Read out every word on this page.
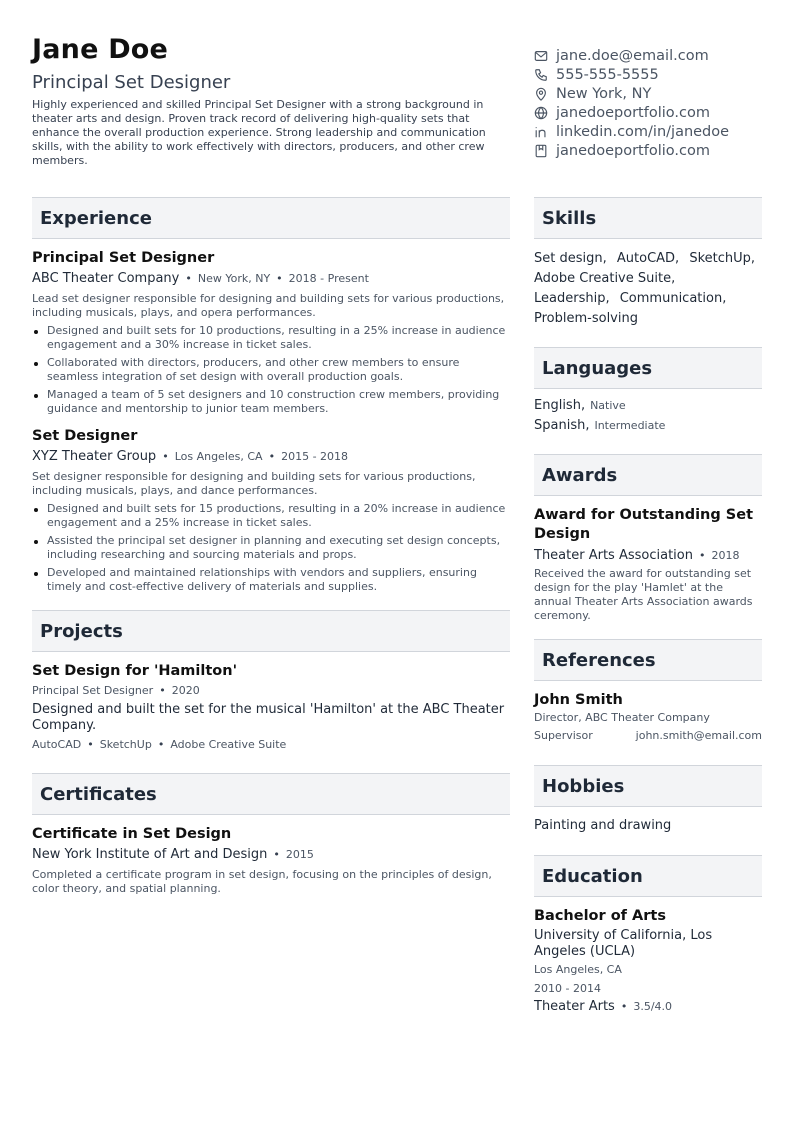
Jane Doe
Principal Set Designer
Highly experienced and skilled Principal Set Designer with a strong background in theater arts and design. Proven track record of delivering high-quality sets that enhance the overall production experience. Strong leadership and communication skills, with the ability to work effectively with directors, producers, and other crew members.
jane.doe@email.com
555-555-5555
New York, NY
janedoeportfolio.com
linkedin.com/in/janedoe
janedoeportfolio.com
Experience
Principal Set Designer
ABC Theater Company • New York, NY • 2018 - Present
Lead set designer responsible for designing and building sets for various productions, including musicals, plays, and opera performances.
Designed and built sets for 10 productions, resulting in a 25% increase in audience engagement and a 30% increase in ticket sales.
Collaborated with directors, producers, and other crew members to ensure seamless integration of set design with overall production goals.
Managed a team of 5 set designers and 10 construction crew members, providing guidance and mentorship to junior team members.
Set Designer
XYZ Theater Group • Los Angeles, CA • 2015 - 2018
Set designer responsible for designing and building sets for various productions, including musicals, plays, and dance performances.
Designed and built sets for 15 productions, resulting in a 20% increase in audience engagement and a 25% increase in ticket sales.
Assisted the principal set designer in planning and executing set design concepts, including researching and sourcing materials and props.
Developed and maintained relationships with vendors and suppliers, ensuring timely and cost-effective delivery of materials and supplies.
Projects
Set Design for 'Hamilton'
Principal Set Designer • 2020
Designed and built the set for the musical 'Hamilton' at the ABC Theater Company.
AutoCAD • SketchUp • Adobe Creative Suite
Certificates
Certificate in Set Design
New York Institute of Art and Design • 2015
Completed a certificate program in set design, focusing on the principles of design, color theory, and spatial planning.
Skills
Set design, AutoCAD, SketchUp, Adobe Creative Suite, Leadership, Communication, Problem-solving
Languages
English, Native
Spanish, Intermediate
Awards
Award for Outstanding Set Design
Theater Arts Association • 2018
Received the award for outstanding set design for the play 'Hamlet' at the annual Theater Arts Association awards ceremony.
References
John Smith
Director, ABC Theater Company
Supervisor	john.smith@email.com
Hobbies
Painting and drawing
Education
Bachelor of Arts
University of California, Los Angeles (UCLA)
Los Angeles, CA
2010 - 2014
Theater Arts • 3.5/4.0
